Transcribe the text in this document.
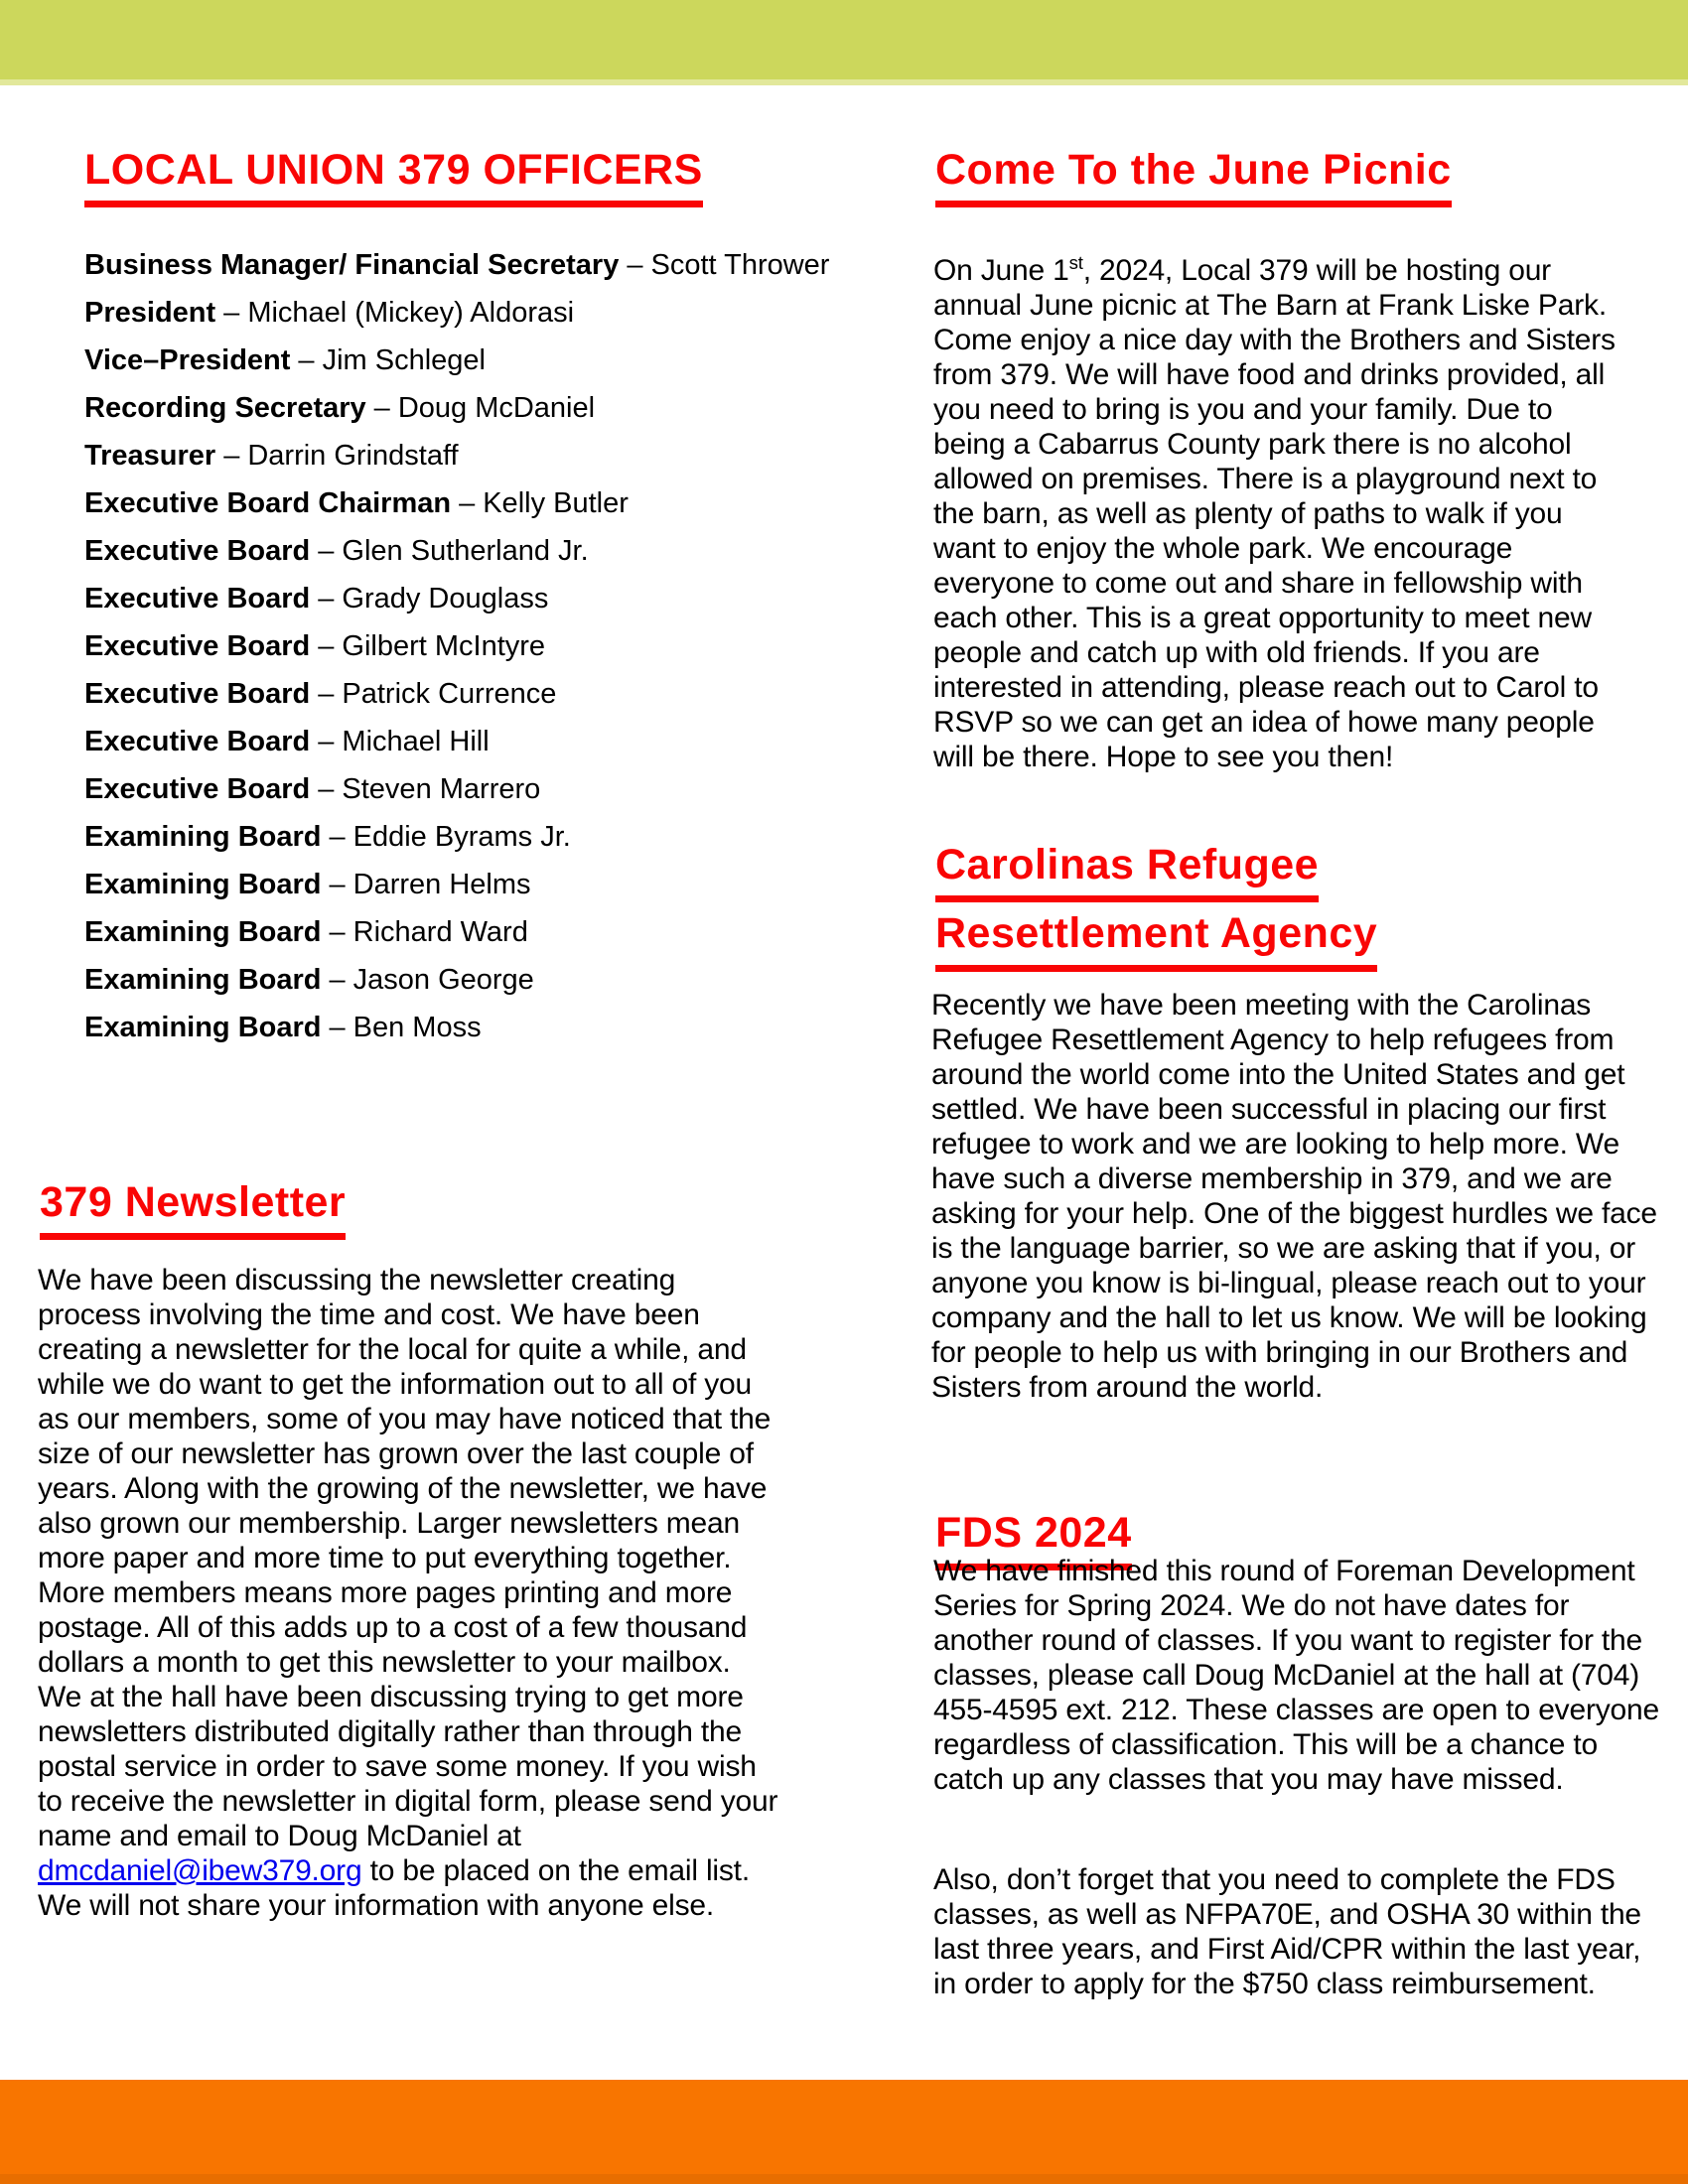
LOCAL UNION 379 OFFICERS
Business Manager/ Financial Secretary – Scott Thrower
President – Michael (Mickey) Aldorasi
Vice–President – Jim Schlegel
Recording Secretary – Doug McDaniel
Treasurer – Darrin Grindstaff
Executive Board Chairman – Kelly Butler
Executive Board – Glen Sutherland Jr.
Executive Board – Grady Douglass
Executive Board – Gilbert McIntyre
Executive Board – Patrick Currence
Executive Board – Michael Hill
Executive Board – Steven Marrero
Examining Board – Eddie Byrams Jr.
Examining Board – Darren Helms
Examining Board – Richard Ward
Examining Board – Jason George
Examining Board – Ben Moss
379 Newsletter
We have been discussing the newsletter creating process involving the time and cost. We have been creating a newsletter for the local for quite a while, and while we do want to get the information out to all of you as our members, some of you may have noticed that the size of our newsletter has grown over the last couple of years. Along with the growing of the newsletter, we have also grown our membership. Larger newsletters mean more paper and more time to put everything together. More members means more pages printing and more postage. All of this adds up to a cost of a few thousand dollars a month to get this newsletter to your mailbox. We at the hall have been discussing trying to get more newsletters distributed digitally rather than through the postal service in order to save some money. If you wish to receive the newsletter in digital form, please send your name and email to Doug McDaniel at dmcdaniel@ibew379.org to be placed on the email list. We will not share your information with anyone else.
Come To the June Picnic
On June 1st, 2024, Local 379 will be hosting our annual June picnic at The Barn at Frank Liske Park. Come enjoy a nice day with the Brothers and Sisters from 379. We will have food and drinks provided, all you need to bring is you and your family. Due to being a Cabarrus County park there is no alcohol allowed on premises. There is a playground next to the barn, as well as plenty of paths to walk if you want to enjoy the whole park. We encourage everyone to come out and share in fellowship with each other. This is a great opportunity to meet new people and catch up with old friends. If you are interested in attending, please reach out to Carol to RSVP so we can get an idea of howe many people will be there. Hope to see you then!
Carolinas Refugee
Resettlement Agency
Recently we have been meeting with the Carolinas Refugee Resettlement Agency to help refugees from around the world come into the United States and get settled. We have been successful in placing our first refugee to work and we are looking to help more. We have such a diverse membership in 379, and we are asking for your help. One of the biggest hurdles we face is the language barrier, so we are asking that if you, or anyone you know is bi-lingual, please reach out to your company and the hall to let us know. We will be looking for people to help us with bringing in our Brothers and Sisters from around the world.
FDS 2024
We have finished this round of Foreman Development Series for Spring 2024. We do not have dates for another round of classes. If you want to register for the classes, please call Doug McDaniel at the hall at (704) 455-4595 ext. 212. These classes are open to everyone regardless of classification. This will be a chance to catch up any classes that you may have missed.
Also, don’t forget that you need to complete the FDS classes, as well as NFPA70E, and OSHA 30 within the last three years, and First Aid/CPR within the last year, in order to apply for the $750 class reimbursement.
